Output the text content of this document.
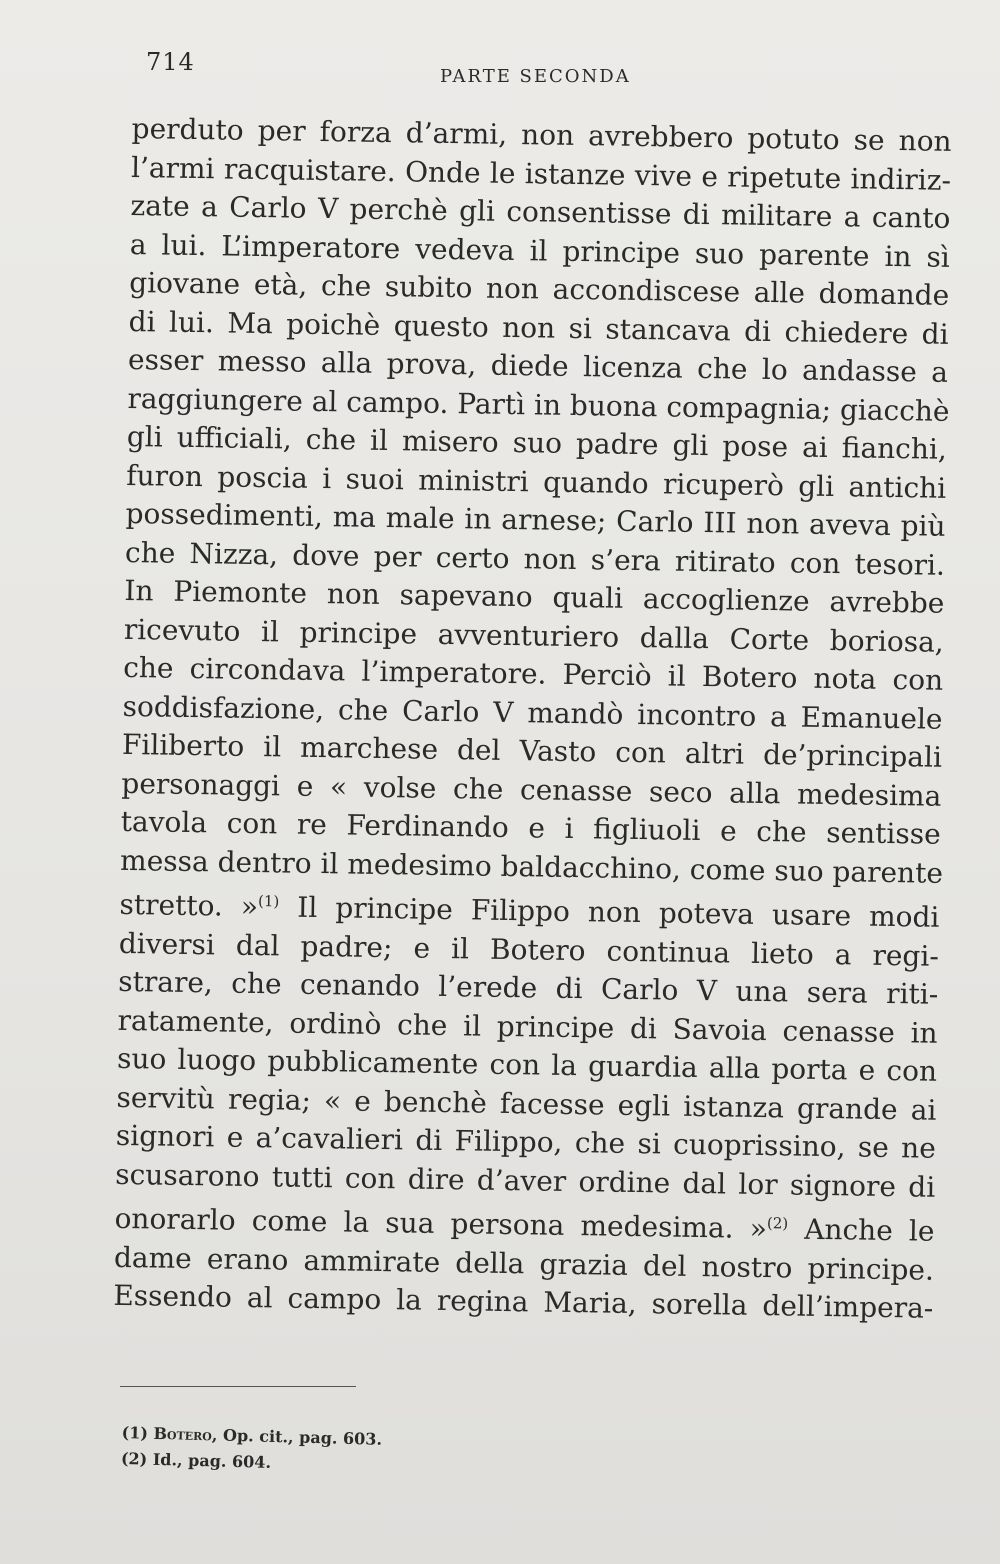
714
PARTE SECONDA
perduto per forza d’armi, non avrebbero potuto se non
l’armi racquistare. Onde le istanze vive e ripetute indiriz-
zate a Carlo V perchè gli consentisse di militare a canto
a lui. L’imperatore vedeva il principe suo parente in sì
giovane età, che subito non accondiscese alle domande
di lui. Ma poichè questo non si stancava di chiedere di
esser messo alla prova, diede licenza che lo andasse a
raggiungere al campo. Partì in buona compagnia; giacchè
gli ufficiali, che il misero suo padre gli pose ai fianchi,
furon poscia i suoi ministri quando ricuperò gli antichi
possedimenti, ma male in arnese; Carlo III non aveva più
che Nizza, dove per certo non s’era ritirato con tesori.
In Piemonte non sapevano quali accoglienze avrebbe
ricevuto il principe avventuriero dalla Corte boriosa,
che circondava l’imperatore. Perciò il Botero nota con
soddisfazione, che Carlo V mandò incontro a Emanuele
Filiberto il marchese del Vasto con altri de’principali
personaggi e « volse che cenasse seco alla medesima
tavola con re Ferdinando e i figliuoli e che sentisse
messa dentro il medesimo baldacchino, come suo parente
stretto. »$^{(1)}$ Il principe Filippo non poteva usare modi
diversi dal padre; e il Botero continua lieto a regi-
strare, che cenando l’erede di Carlo V una sera riti-
ratamente, ordinò che il principe di Savoia cenasse in
suo luogo pubblicamente con la guardia alla porta e con
servitù regia; « e benchè facesse egli istanza grande ai
signori e a’cavalieri di Filippo, che si cuoprissino, se ne
scusarono tutti con dire d’aver ordine dal lor signore di
onorarlo come la sua persona medesima. »$^{(2)}$ Anche le
dame erano ammirate della grazia del nostro principe.
Essendo al campo la regina Maria, sorella dell’impera-
(1) Botero, Op. cit., pag. 603.
(2) Id., pag. 604.
